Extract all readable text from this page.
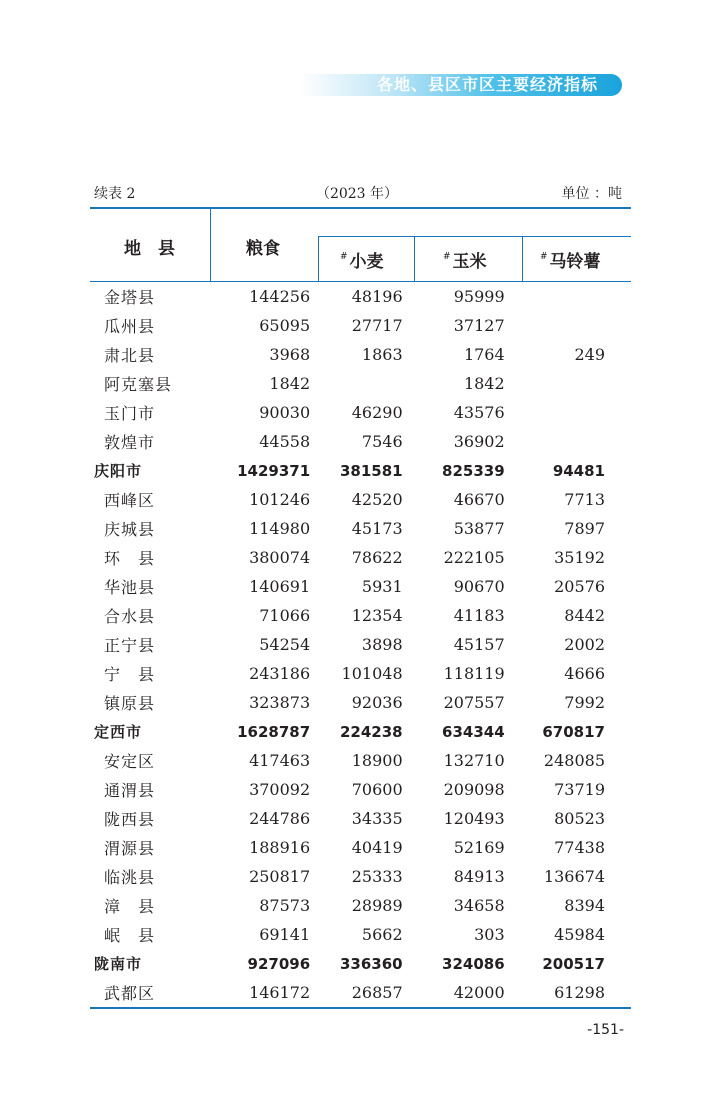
各地、县区市区主要经济指标
续表 2	（2023 年）	单位 ：吨
地　县	粮食	# 小麦	# 玉米	# 马铃薯
金塔县	144256	48196	95999	
瓜州县	65095	27717	37127	
肃北县	3968	1863	1764	249
阿克塞县	1842		1842	
玉门市	90030	46290	43576	
敦煌市	44558	7546	36902	
庆阳市	1429371	381581	825339	94481
西峰区	101246	42520	46670	7713
庆城县	114980	45173	53877	7897
环　县	380074	78622	222105	35192
华池县	140691	5931	90670	20576
合水县	71066	12354	41183	8442
正宁县	54254	3898	45157	2002
宁　县	243186	101048	118119	4666
镇原县	323873	92036	207557	7992
定西市	1628787	224238	634344	670817
安定区	417463	18900	132710	248085
通渭县	370092	70600	209098	73719
陇西县	244786	34335	120493	80523
渭源县	188916	40419	52169	77438
临洮县	250817	25333	84913	136674
漳　县	87573	28989	34658	8394
岷　县	69141	5662	303	45984
陇南市	927096	336360	324086	200517
武都区	146172	26857	42000	61298
-151-
